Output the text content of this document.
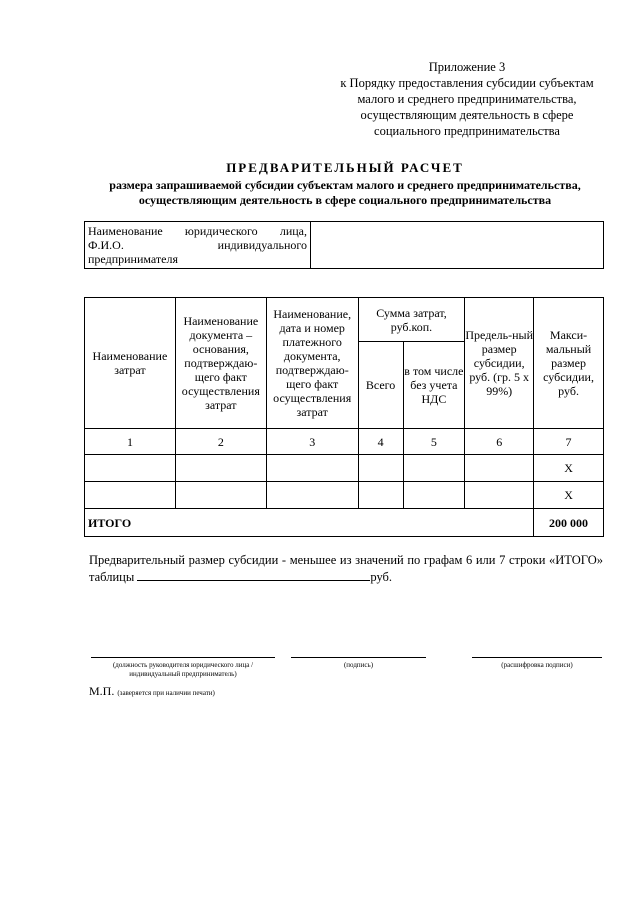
Приложение 3
к Порядку предоставления субсидии субъектам
малого и среднего предпринимательства,
осуществляющим деятельность в сфере
социального предпринимательства
ПРЕДВАРИТЕЛЬНЫЙ РАСЧЕТ
размера запрашиваемой субсидии субъектам малого и среднего предпринимательства,
осуществляющим деятельность в сфере социального предпринимательства
Наименование юридического лица, Ф.И.О. индивидуального предпринимателя	
Наименование затрат	Наименование документа – основания, подтверждаю-щего факт осуществления затрат	Наименование, дата и номер платежного документа, подтверждаю-щего факт осуществления затрат	Сумма затрат, руб.коп.		Предель-ный размер субсидии, руб. (гр. 5 х 99%)	Макси-мальный размер субсидии, руб.
			Всего	в том числе без учета НДС		
1	2	3	4	5	6	7
						Х
						Х
ИТОГО						200 000
Предварительный размер субсидии - меньшее из значений по графам 6 или 7 строки «ИТОГО» таблицы	руб.
(должность руководителя юридического лица / индивидуальный предприниматель)
(подпись)	(расшифровка подписи)
М.П. (заверяется при наличии печати)
